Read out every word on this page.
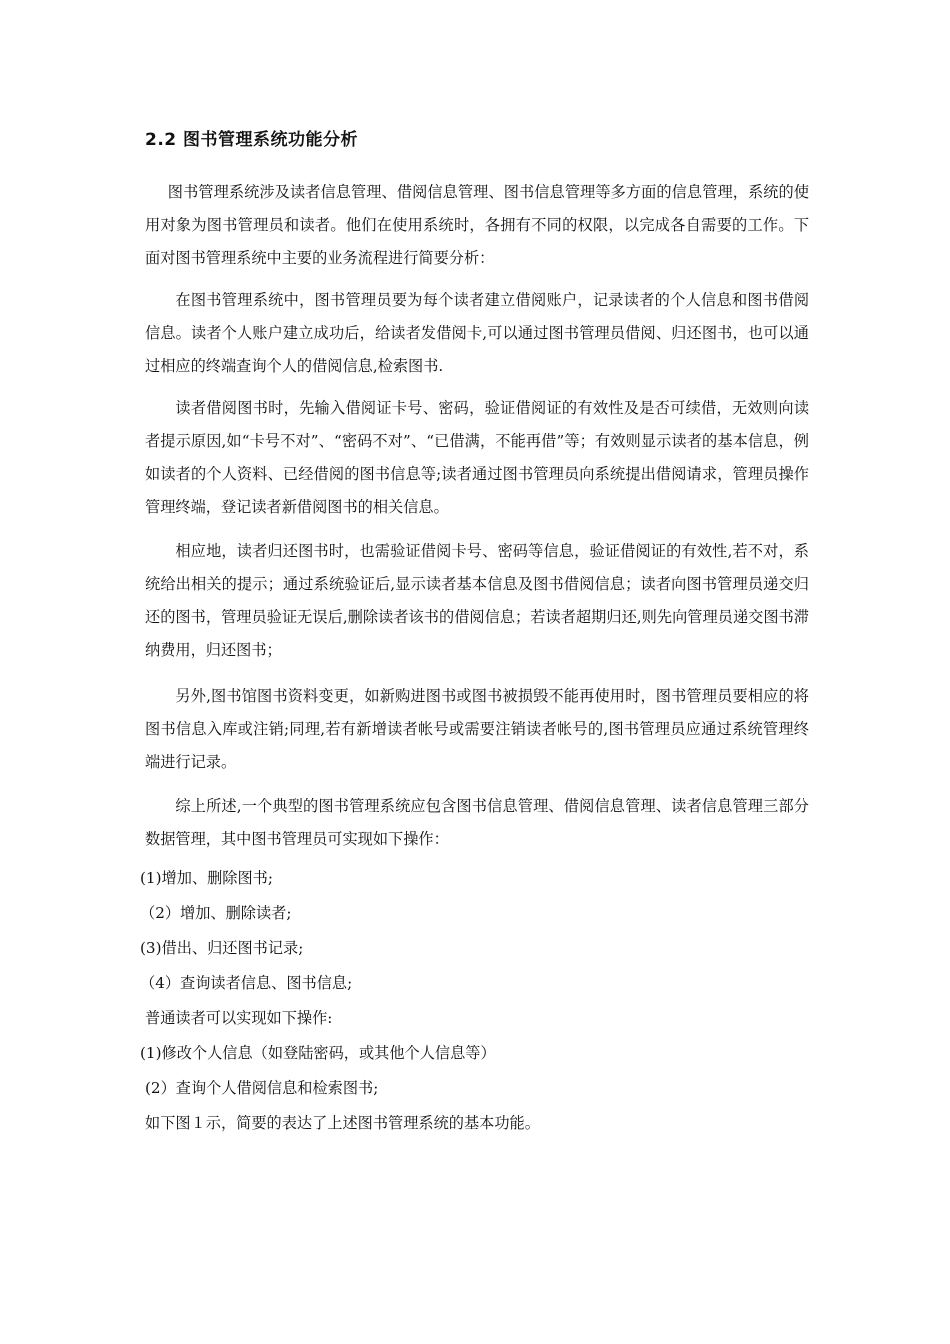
2.2 图书管理系统功能分析
图书管理系统涉及读者信息管理、借阅信息管理、图书信息管理等多方面的信息管理，系统的使用对象为图书管理员和读者。他们在使用系统时，各拥有不同的权限，以完成各自需要的工作。下面对图书管理系统中主要的业务流程进行简要分析：
在图书管理系统中，图书管理员要为每个读者建立借阅账户，记录读者的个人信息和图书借阅信息。读者个人账户建立成功后，给读者发借阅卡,可以通过图书管理员借阅、归还图书，也可以通过相应的终端查询个人的借阅信息,检索图书.
读者借阅图书时，先输入借阅证卡号、密码，验证借阅证的有效性及是否可续借，无效则向读者提示原因,如“卡号不对”、“密码不对”、“已借满，不能再借”等；有效则显示读者的基本信息，例如读者的个人资料、已经借阅的图书信息等;读者通过图书管理员向系统提出借阅请求，管理员操作管理终端，登记读者新借阅图书的相关信息。
相应地，读者归还图书时，也需验证借阅卡号、密码等信息，验证借阅证的有效性,若不对，系统给出相关的提示；通过系统验证后,显示读者基本信息及图书借阅信息；读者向图书管理员递交归还的图书，管理员验证无误后,删除读者该书的借阅信息；若读者超期归还,则先向管理员递交图书滞纳费用，归还图书；
另外,图书馆图书资料变更，如新购进图书或图书被损毁不能再使用时，图书管理员要相应的将图书信息入库或注销;同理,若有新增读者帐号或需要注销读者帐号的,图书管理员应通过系统管理终端进行记录。
综上所述,一个典型的图书管理系统应包含图书信息管理、借阅信息管理、读者信息管理三部分数据管理，其中图书管理员可实现如下操作：
(1)增加、删除图书;
（2）增加、删除读者;
(3)借出、归还图书记录;
（4）查询读者信息、图书信息;
普通读者可以实现如下操作:
(1)修改个人信息（如登陆密码，或其他个人信息等）
(2）查询个人借阅信息和检索图书;
如下图１示，简要的表达了上述图书管理系统的基本功能。
